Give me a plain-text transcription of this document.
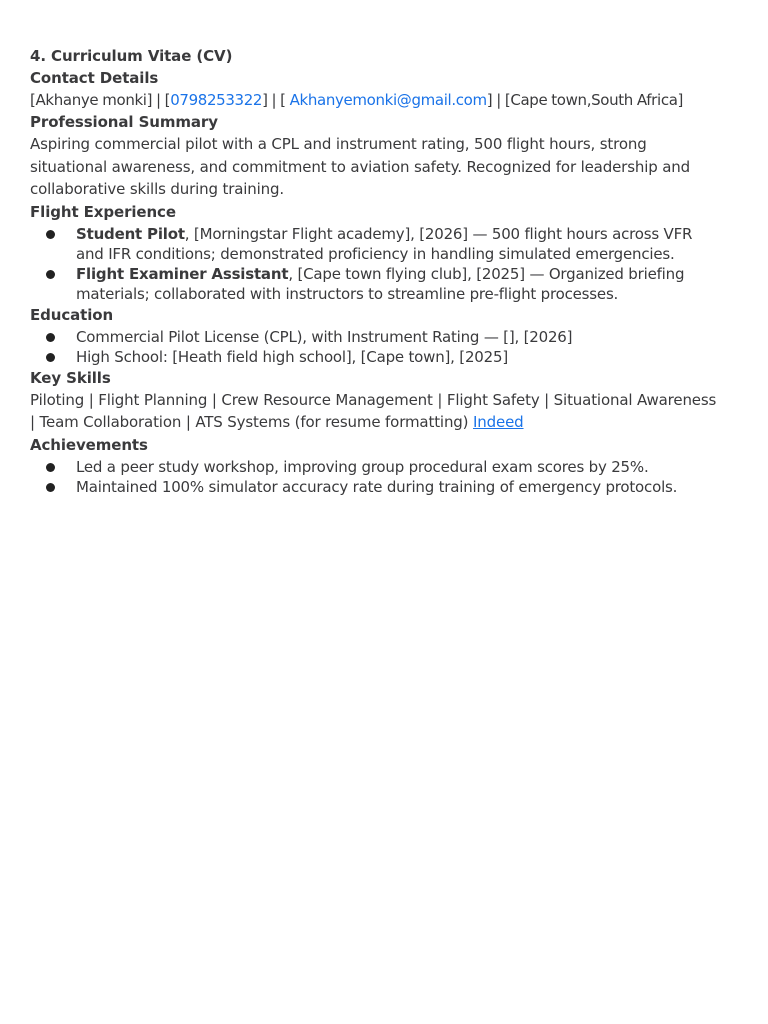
4. Curriculum Vitae (CV)
Contact Details
[Akhanye monki] | [0798253322] | [ Akhanyemonki@gmail.com] | [Cape town,South Africa]
Professional Summary
Aspiring commercial pilot with a CPL and instrument rating, 500 flight hours, strong
situational awareness, and commitment to aviation safety. Recognized for leadership and
collaborative skills during training.
Flight Experience
Student Pilot, [Morningstar Flight academy], [2026] — 500 flight hours across VFR
and IFR conditions; demonstrated proficiency in handling simulated emergencies.
Flight Examiner Assistant, [Cape town flying club], [2025] — Organized briefing
materials; collaborated with instructors to streamline pre-flight processes.
Education
Commercial Pilot License (CPL), with Instrument Rating — [], [2026]
High School: [Heath field high school], [Cape town], [2025]
Key Skills
Piloting | Flight Planning | Crew Resource Management | Flight Safety | Situational Awareness
| Team Collaboration | ATS Systems (for resume formatting) Indeed
Achievements
Led a peer study workshop, improving group procedural exam scores by 25%.
Maintained 100% simulator accuracy rate during training of emergency protocols.
